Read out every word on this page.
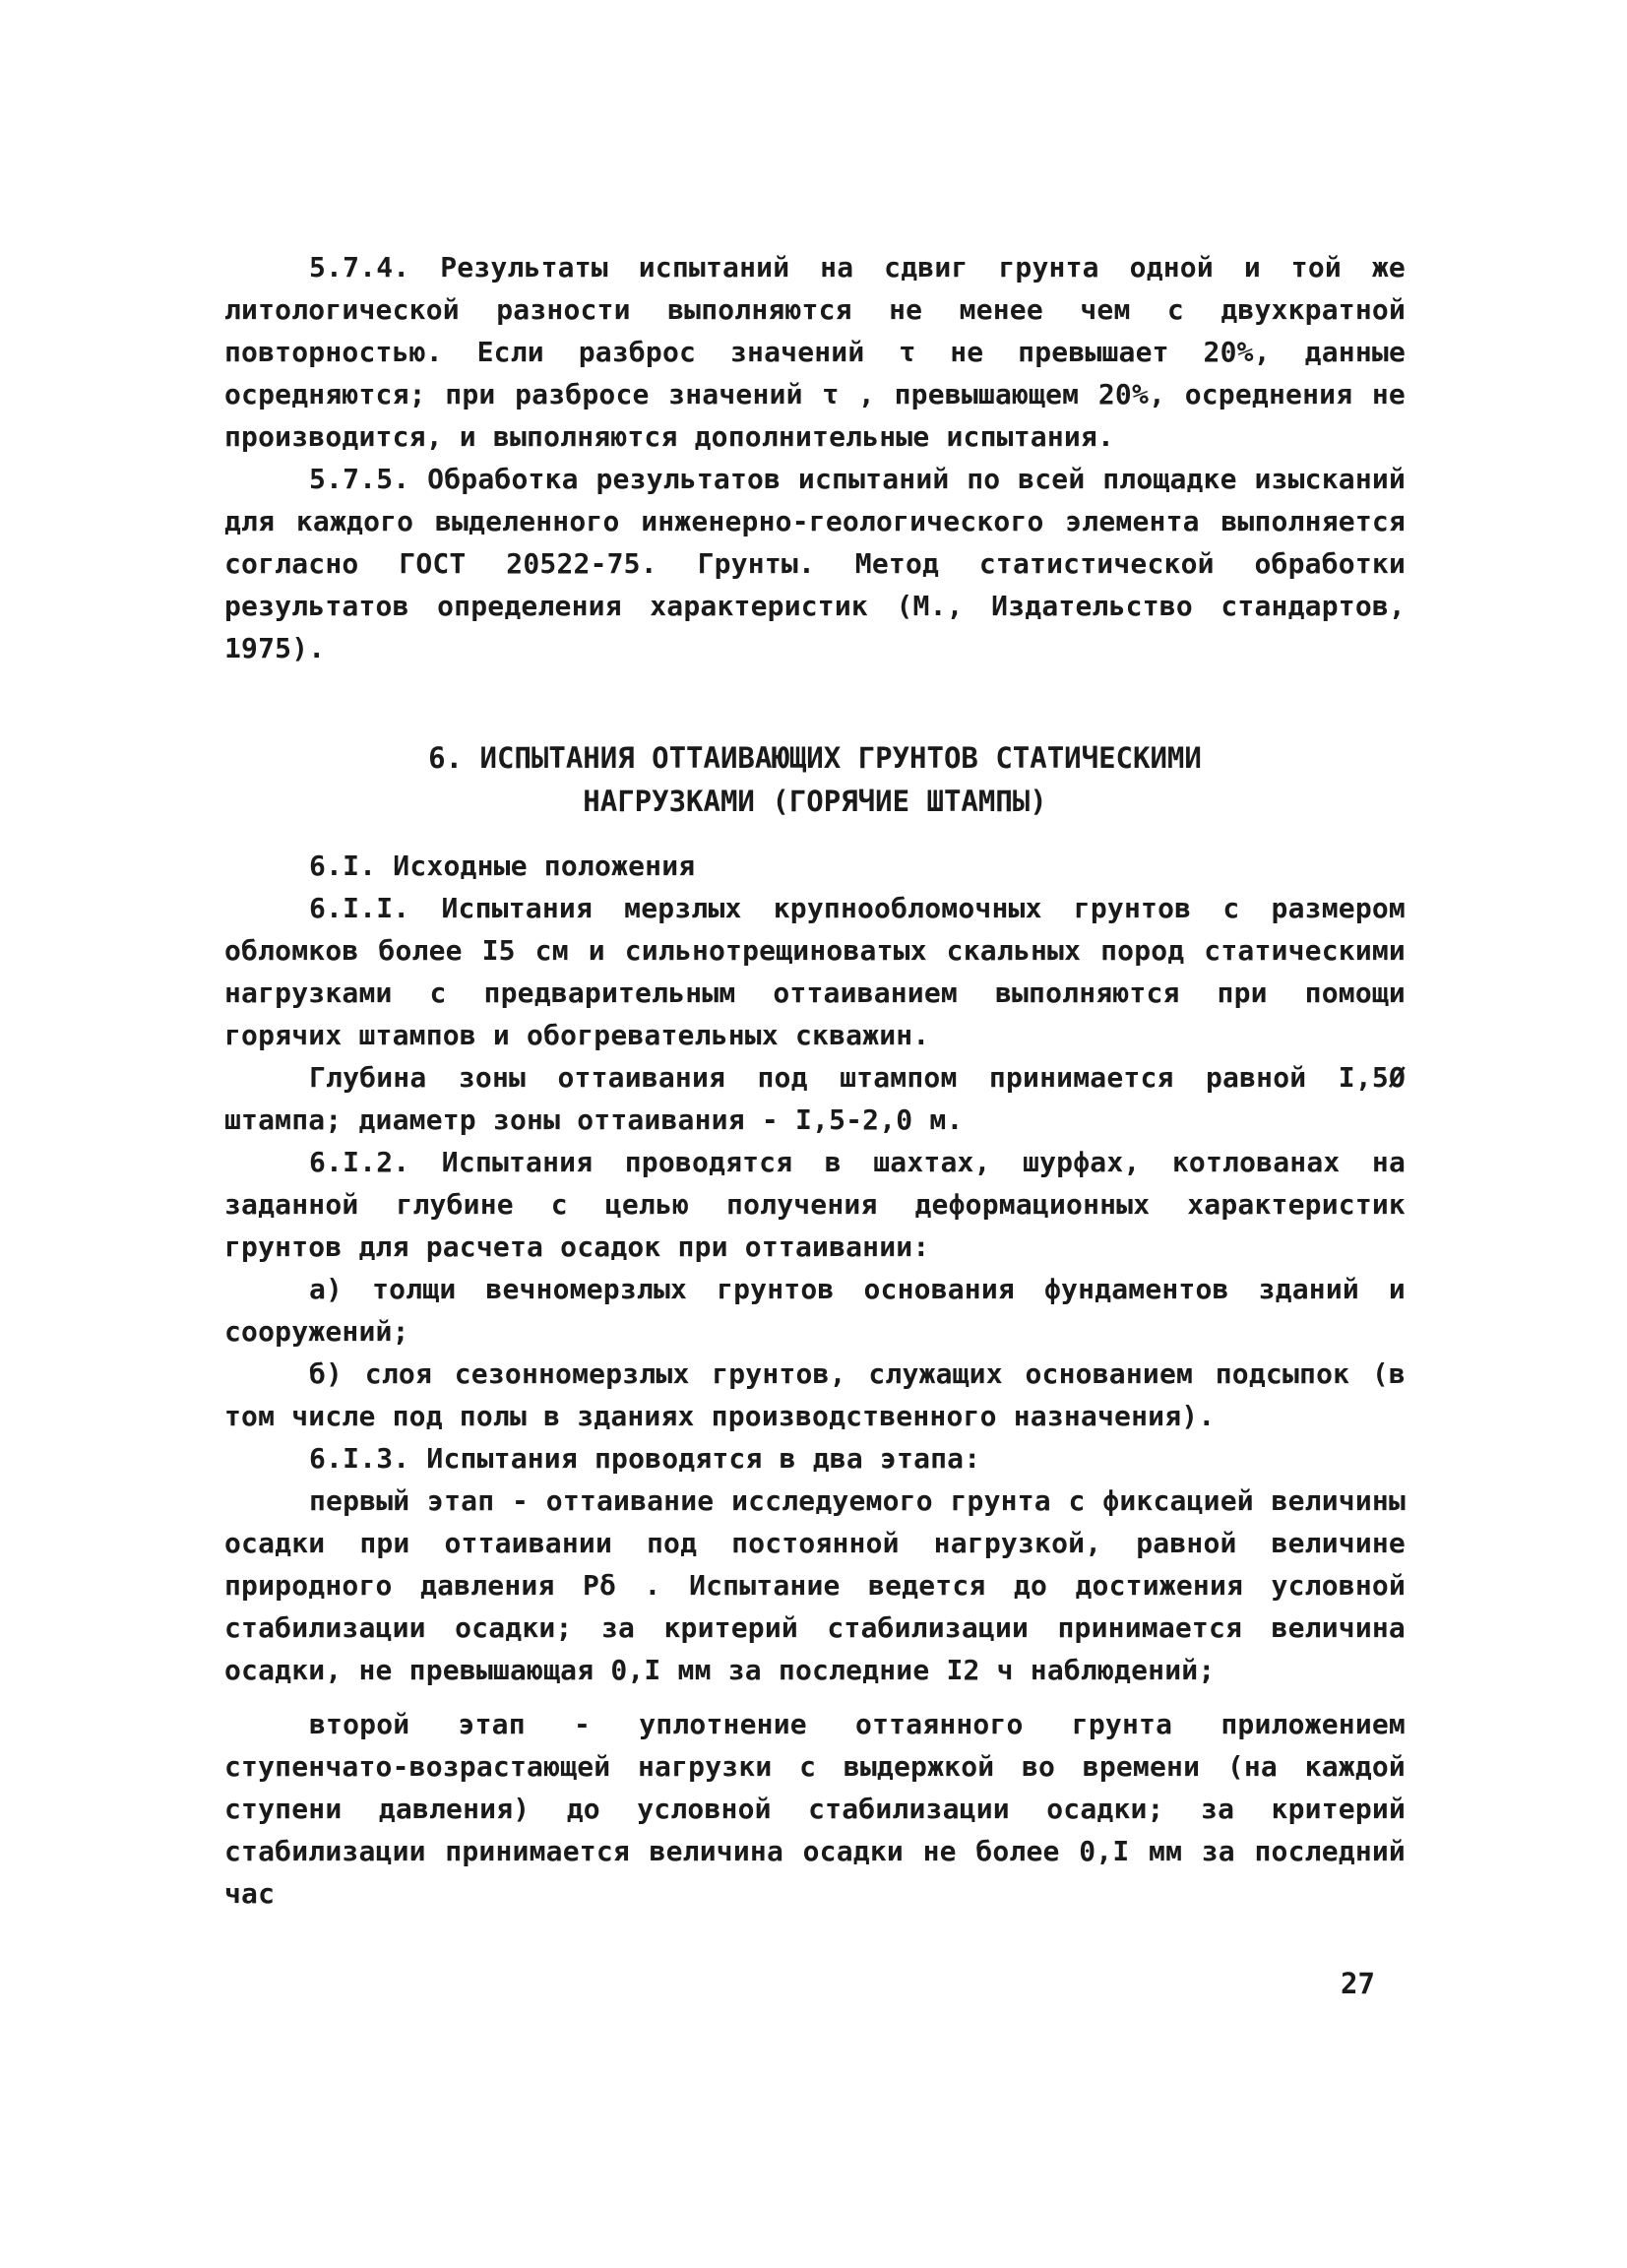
5.7.4. Результаты испытаний на сдвиг грунта одной и той же литологической разности выполняются не менее чем с двухкратной повторностью. Если разброс значений τ не превышает 20%, данные осредняются; при разбросе значений τ , превышающем 20%, осреднения не производится, и выполняются дополнительные испытания.

5.7.5. Обработка результатов испытаний по всей площадке изысканий для каждого выделенного инженерно-геологического элемента выполняется согласно ГОСТ 20522-75. Грунты. Метод статистической обработки результатов определения характеристик (М., Издательство стандартов, 1975).

6. ИСПЫТАНИЯ ОТТАИВАЮЩИХ ГРУНТОВ СТАТИЧЕСКИМИ
НАГРУЗКАМИ (ГОРЯЧИЕ ШТАМПЫ)

6.I. Исходные положения

6.I.I. Испытания мерзлых крупнообломочных грунтов с размером обломков более I5 см и сильнотрещиноватых скальных пород статическими нагрузками с предварительным оттаиванием выполняются при помощи горячих штампов и обогревательных скважин.

Глубина зоны оттаивания под штампом принимается равной I,5Ø штампа; диаметр зоны оттаивания - I,5-2,0 м.

6.I.2. Испытания проводятся в шахтах, шурфах, котлованах на заданной глубине с целью получения деформационных характеристик грунтов для расчета осадок при оттаивании:

а) толщи вечномерзлых грунтов основания фундаментов зданий и сооружений;

б) слоя сезонномерзлых грунтов, служащих основанием подсыпок (в том числе под полы в зданиях производственного назначения).

6.I.3. Испытания проводятся в два этапа:

первый этап - оттаивание исследуемого грунта с фиксацией величины осадки при оттаивании под постоянной нагрузкой, равной величине природного давления Pδ . Испытание ведется до достижения условной стабилизации осадки; за критерий стабилизации принимается величина осадки, не превышающая 0,I мм за последние I2 ч наблюдений;

второй этап - уплотнение оттаянного грунта приложением ступенчато-возрастающей нагрузки с выдержкой во времени (на каждой ступени давления) до условной стабилизации осадки; за критерий стабилизации принимается величина осадки не более 0,I мм за последний час

27
